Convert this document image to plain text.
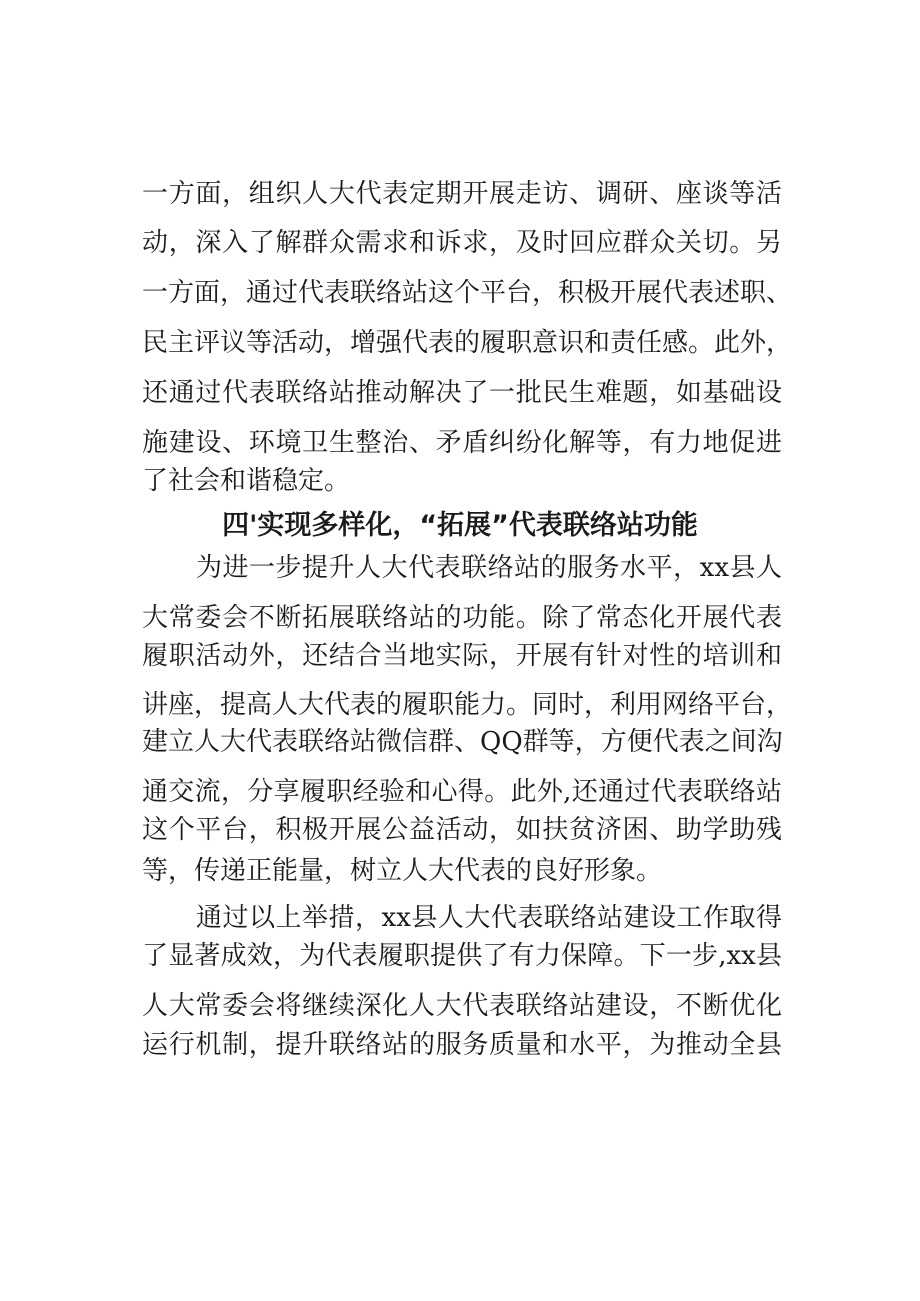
一方面，组织人大代表定期开展走访、调研、座谈等活
动，深入了解群众需求和诉求，及时回应群众关切。另
一方面，通过代表联络站这个平台，积极开展代表述职、
民主评议等活动，增强代表的履职意识和责任感。此外，
还通过代表联络站推动解决了一批民生难题，如基础设
施建设、环境卫生整治、矛盾纠纷化解等，有力地促进
了社会和谐稳定。
四'实现多样化，“拓展”代表联络站功能
为进一步提升人大代表联络站的服务水平，xx县人
大常委会不断拓展联络站的功能。除了常态化开展代表
履职活动外，还结合当地实际，开展有针对性的培训和
讲座，提高人大代表的履职能力。同时，利用网络平台，
建立人大代表联络站微信群、QQ群等，方便代表之间沟
通交流，分享履职经验和心得。此外,还通过代表联络站
这个平台，积极开展公益活动，如扶贫济困、助学助残
等，传递正能量，树立人大代表的良好形象。
通过以上举措，xx县人大代表联络站建设工作取得
了显著成效，为代表履职提供了有力保障。下一步,xx县
人大常委会将继续深化人大代表联络站建设，不断优化
运行机制，提升联络站的服务质量和水平，为推动全县
